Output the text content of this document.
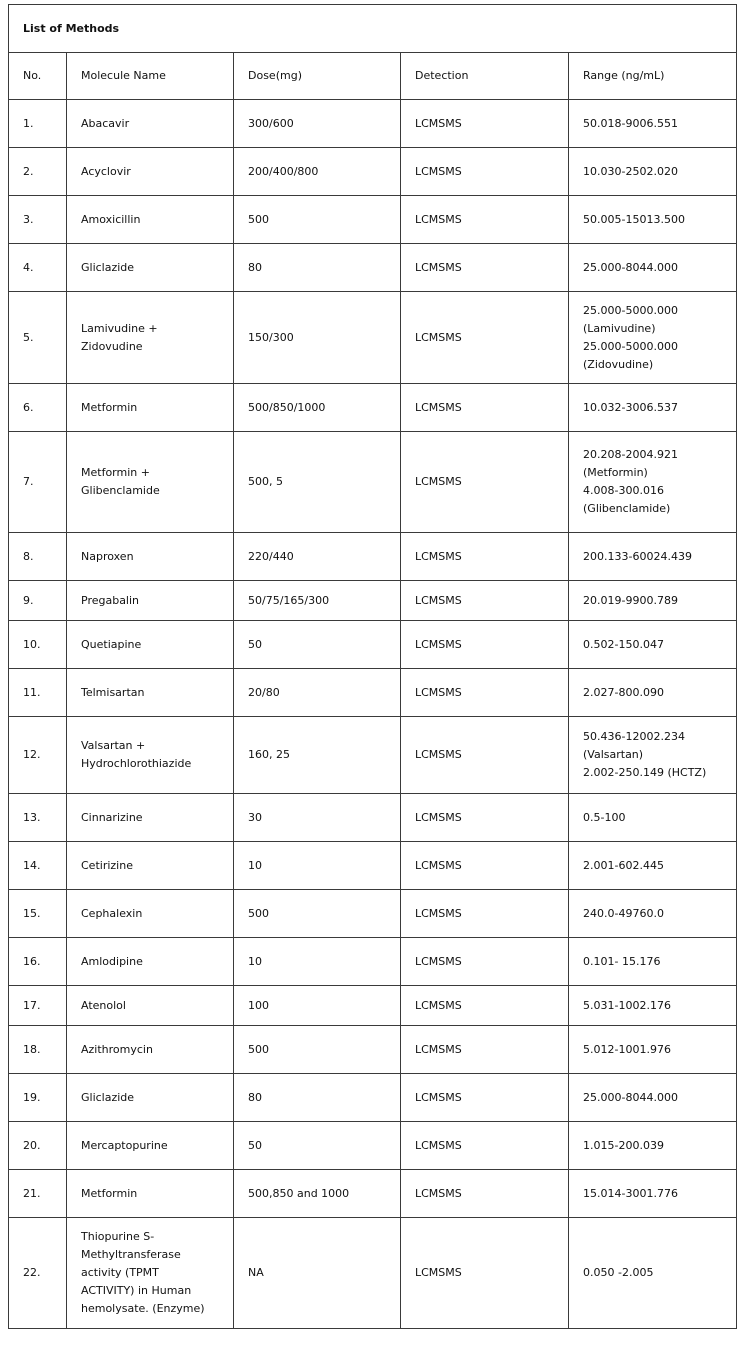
List of Methods				
No.	Molecule Name	Dose(mg)	Detection	Range (ng/mL)
1.	Abacavir	300/600	LCMSMS	50.018-9006.551

2.	Acyclovir	200/400/800	LCMSMS	10.030-2502.020

3.	Amoxicillin	500	LCMSMS	50.005-15013.500

4.	Gliclazide	80	LCMSMS	25.000-8044.000

5.	Lamivudine +
Zidovudine	150/300	LCMSMS	25.000-5000.000
(Lamivudine)
25.000-5000.000
(Zidovudine)

6.	Metformin	500/850/1000	LCMSMS	10.032-3006.537

7.	Metformin +
Glibenclamide	500, 5	LCMSMS	20.208-2004.921
(Metformin)
4.008-300.016
(Glibenclamide)

8.	Naproxen	220/440	LCMSMS	200.133-60024.439

9.	Pregabalin	50/75/165/300	LCMSMS	20.019-9900.789

10.	Quetiapine	50	LCMSMS	0.502-150.047

11.	Telmisartan	20/80	LCMSMS	2.027-800.090

12.	Valsartan +
Hydrochlorothiazide	160, 25	LCMSMS	50.436-12002.234
(Valsartan)
2.002-250.149 (HCTZ)

13.	Cinnarizine	30	LCMSMS	0.5-100

14.	Cetirizine	10	LCMSMS	2.001-602.445

15.	Cephalexin	500	LCMSMS	240.0-49760.0

16.	Amlodipine	10	LCMSMS	0.101- 15.176

17.	Atenolol	100	LCMSMS	5.031-1002.176

18.	Azithromycin	500	LCMSMS	5.012-1001.976

19.	Gliclazide	80	LCMSMS	25.000-8044.000

20.	Mercaptopurine	50	LCMSMS	1.015-200.039

21.	Metformin	500,850 and 1000	LCMSMS	15.014-3001.776

22.	Thiopurine S-
Methyltransferase
activity (TPMT
ACTIVITY) in Human
hemolysate. (Enzyme)	NA	LCMSMS	0.050 -2.005
